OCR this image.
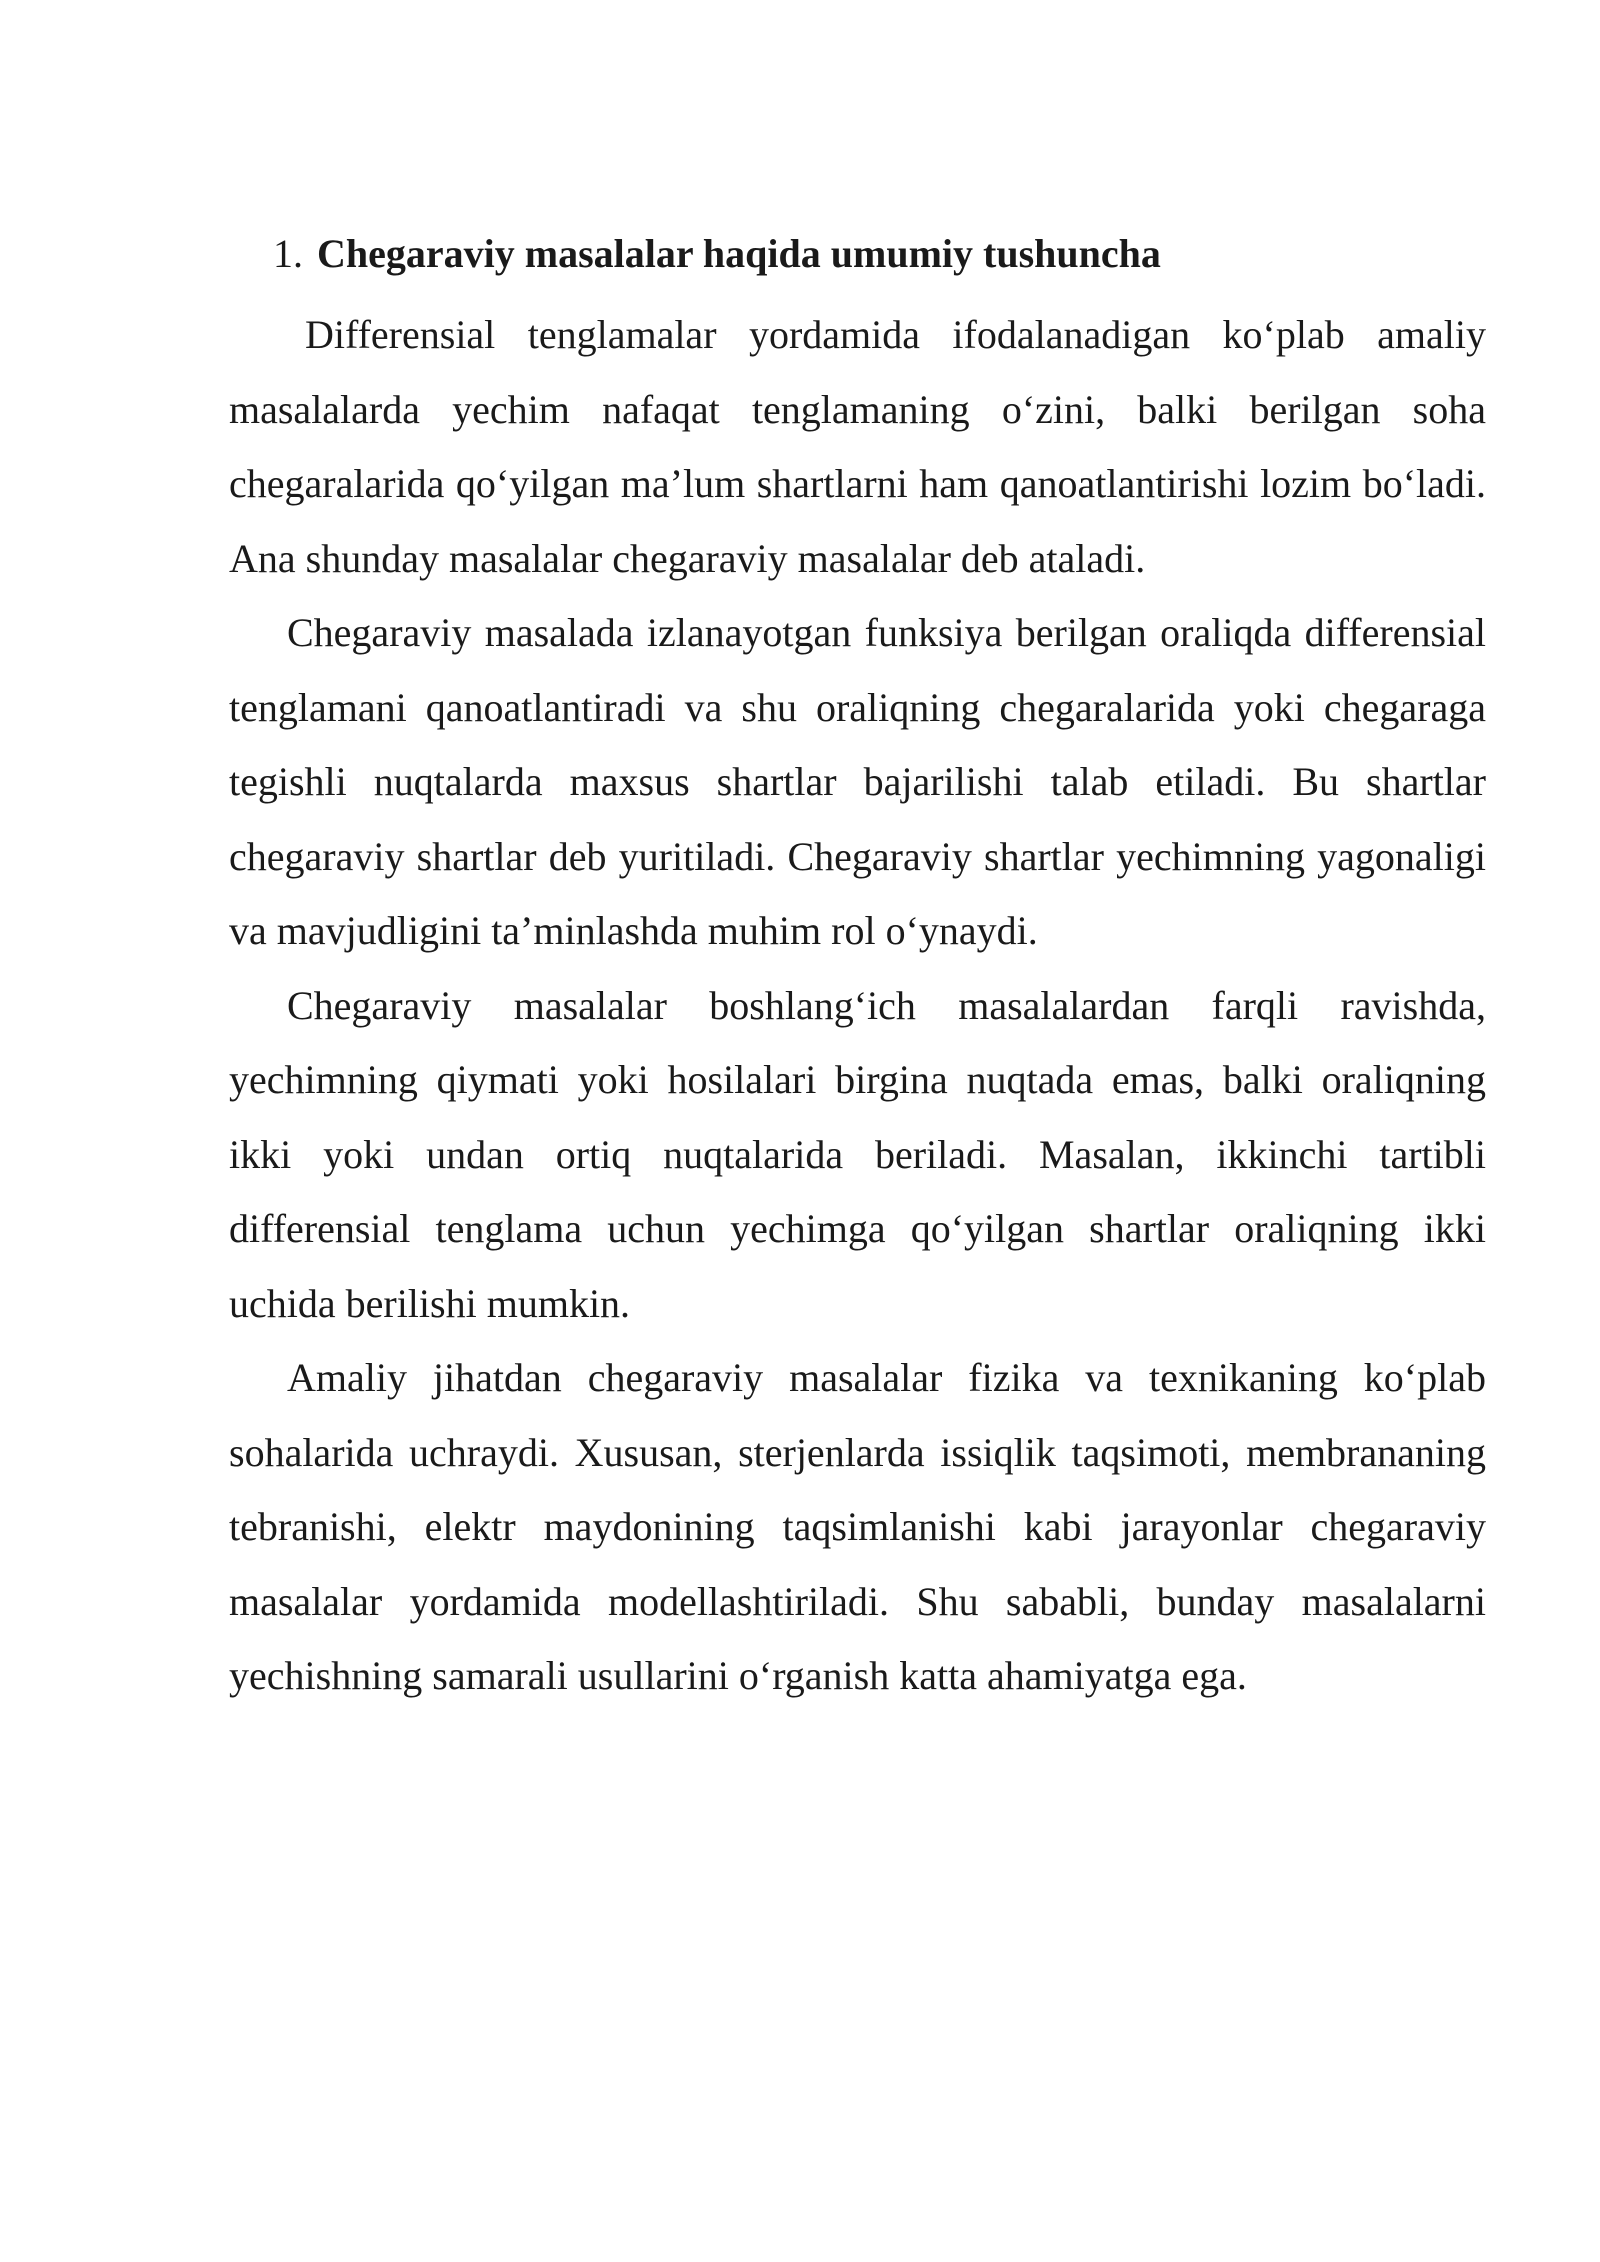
1. Chegaraviy masalalar haqida umumiy tushuncha

Differensial tenglamalar yordamida ifodalanadigan ko‘plab amaliy masalalarda yechim nafaqat tenglamaning o‘zini, balki berilgan soha chegaralarida qo‘yilgan ma’lum shartlarni ham qanoatlantirishi lozim bo‘ladi. Ana shunday masalalar chegaraviy masalalar deb ataladi.

Chegaraviy masalada izlanayotgan funksiya berilgan oraliqda differensial tenglamani qanoatlantiradi va shu oraliqning chegaralarida yoki chegaraga tegishli nuqtalarda maxsus shartlar bajarilishi talab etiladi. Bu shartlar chegaraviy shartlar deb yuritiladi. Chegaraviy shartlar yechimning yagonaligi va mavjudligini ta’minlashda muhim rol o‘ynaydi.

Chegaraviy masalalar boshlang‘ich masalalardan farqli ravishda, yechimning qiymati yoki hosilalari birgina nuqtada emas, balki oraliqning ikki yoki undan ortiq nuqtalarida beriladi. Masalan, ikkinchi tartibli differensial tenglama uchun yechimga qo‘yilgan shartlar oraliqning ikki uchida berilishi mumkin.

Amaliy jihatdan chegaraviy masalalar fizika va texnikaning ko‘plab sohalarida uchraydi. Xususan, sterjenlarda issiqlik taqsimoti, membrananing tebranishi, elektr maydonining taqsimlanishi kabi jarayonlar chegaraviy masalalar yordamida modellashtiriladi. Shu sababli, bunday masalalarni yechishning samarali usullarini o‘rganish katta ahamiyatga ega.
